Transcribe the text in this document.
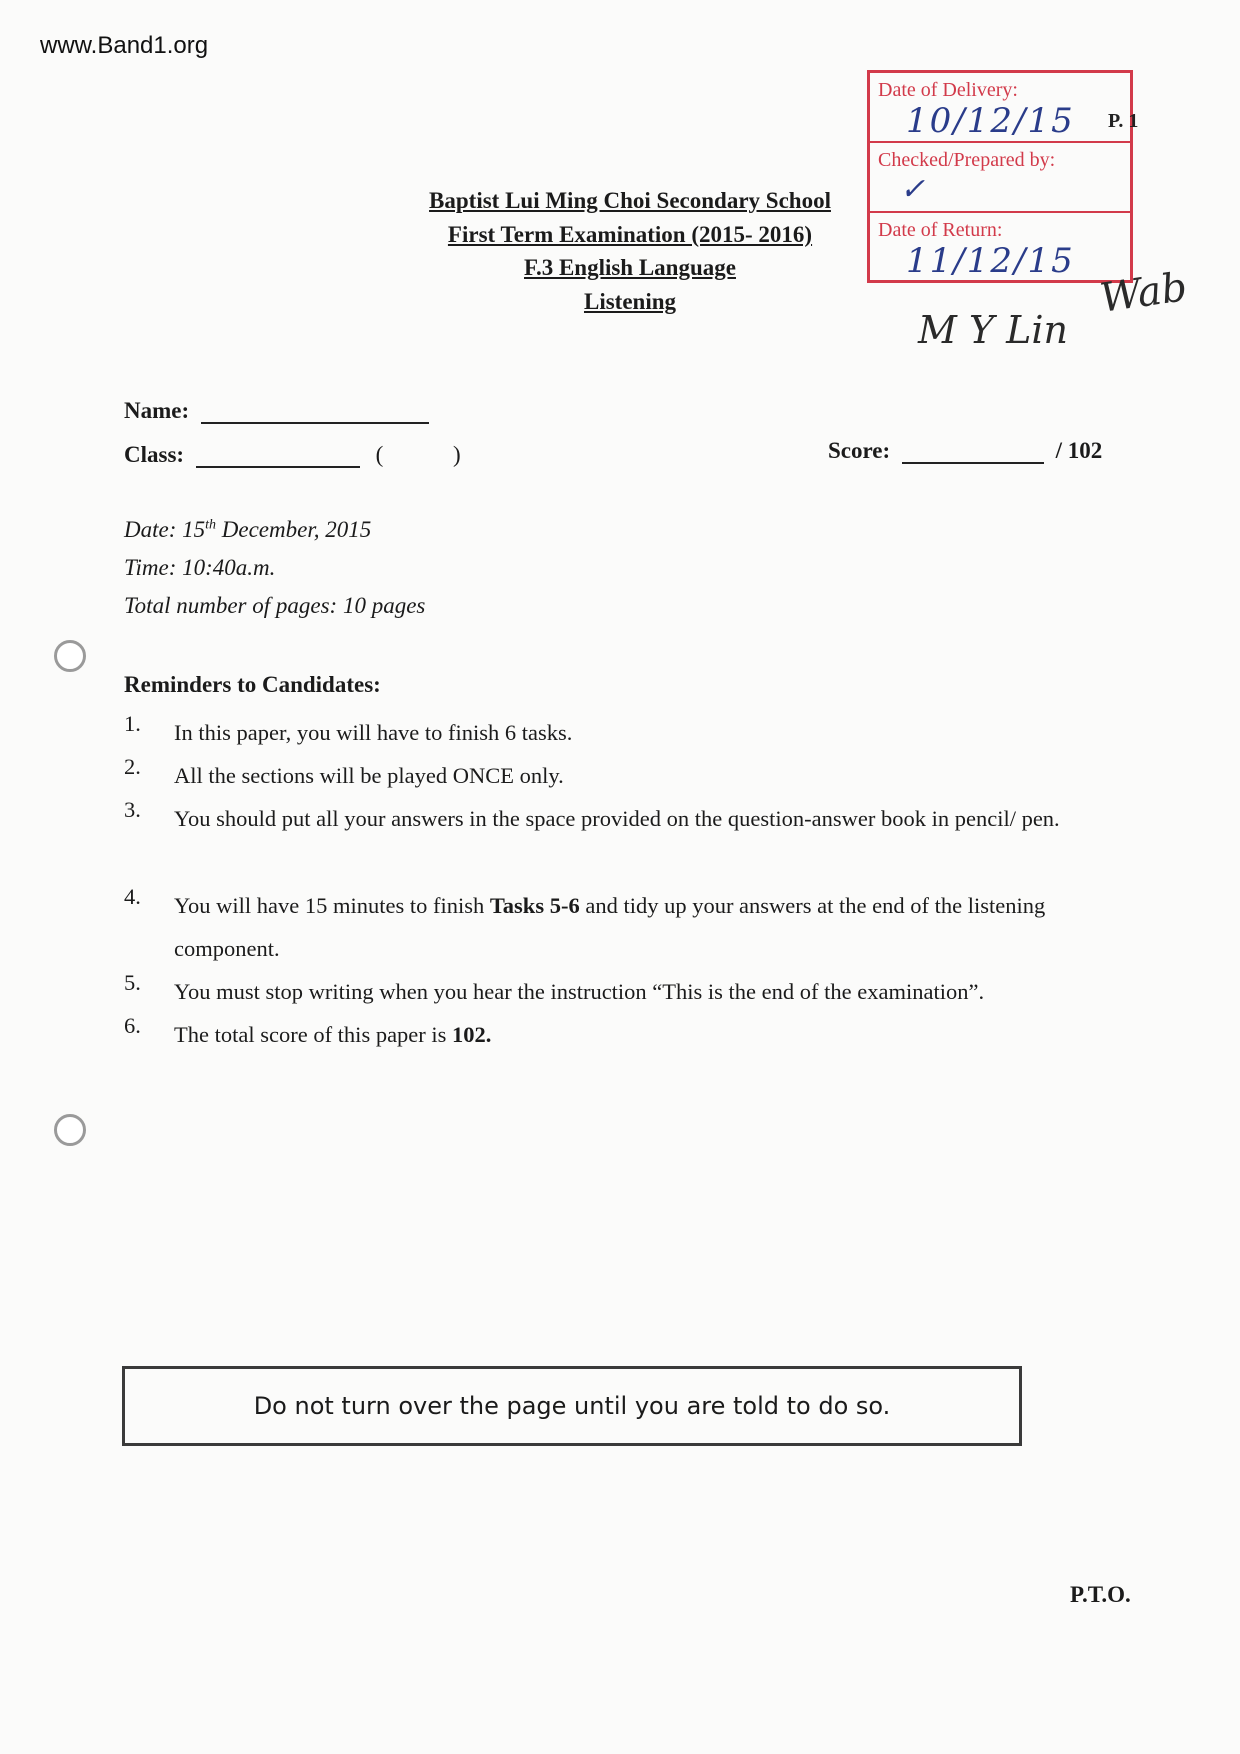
www.Band1.org
Date of Delivery:
10/12/15
Checked/Prepared by:
Date of Return:
11/12/15
✓
P. 1
M Y Lin
Wab
Baptist Lui Ming Choi Secondary School
First Term Examination (2015- 2016)
F.3 English Language
Listening
Name:
Class:	(	)	Score:	/ 102
Date: 15th December, 2015
Time: 10:40a.m.
Total number of pages: 10 pages
Reminders to Candidates:
1. In this paper, you will have to finish 6 tasks.
2. All the sections will be played ONCE only.
3. You should put all your answers in the space provided on the question-answer book in pencil/ pen.
4. You will have 15 minutes to finish Tasks 5-6 and tidy up your answers at the end of the listening component.
5. You must stop writing when you hear the instruction “This is the end of the examination”.
6. The total score of this paper is 102.
Do not turn over the page until you are told to do so.
P.T.O.
